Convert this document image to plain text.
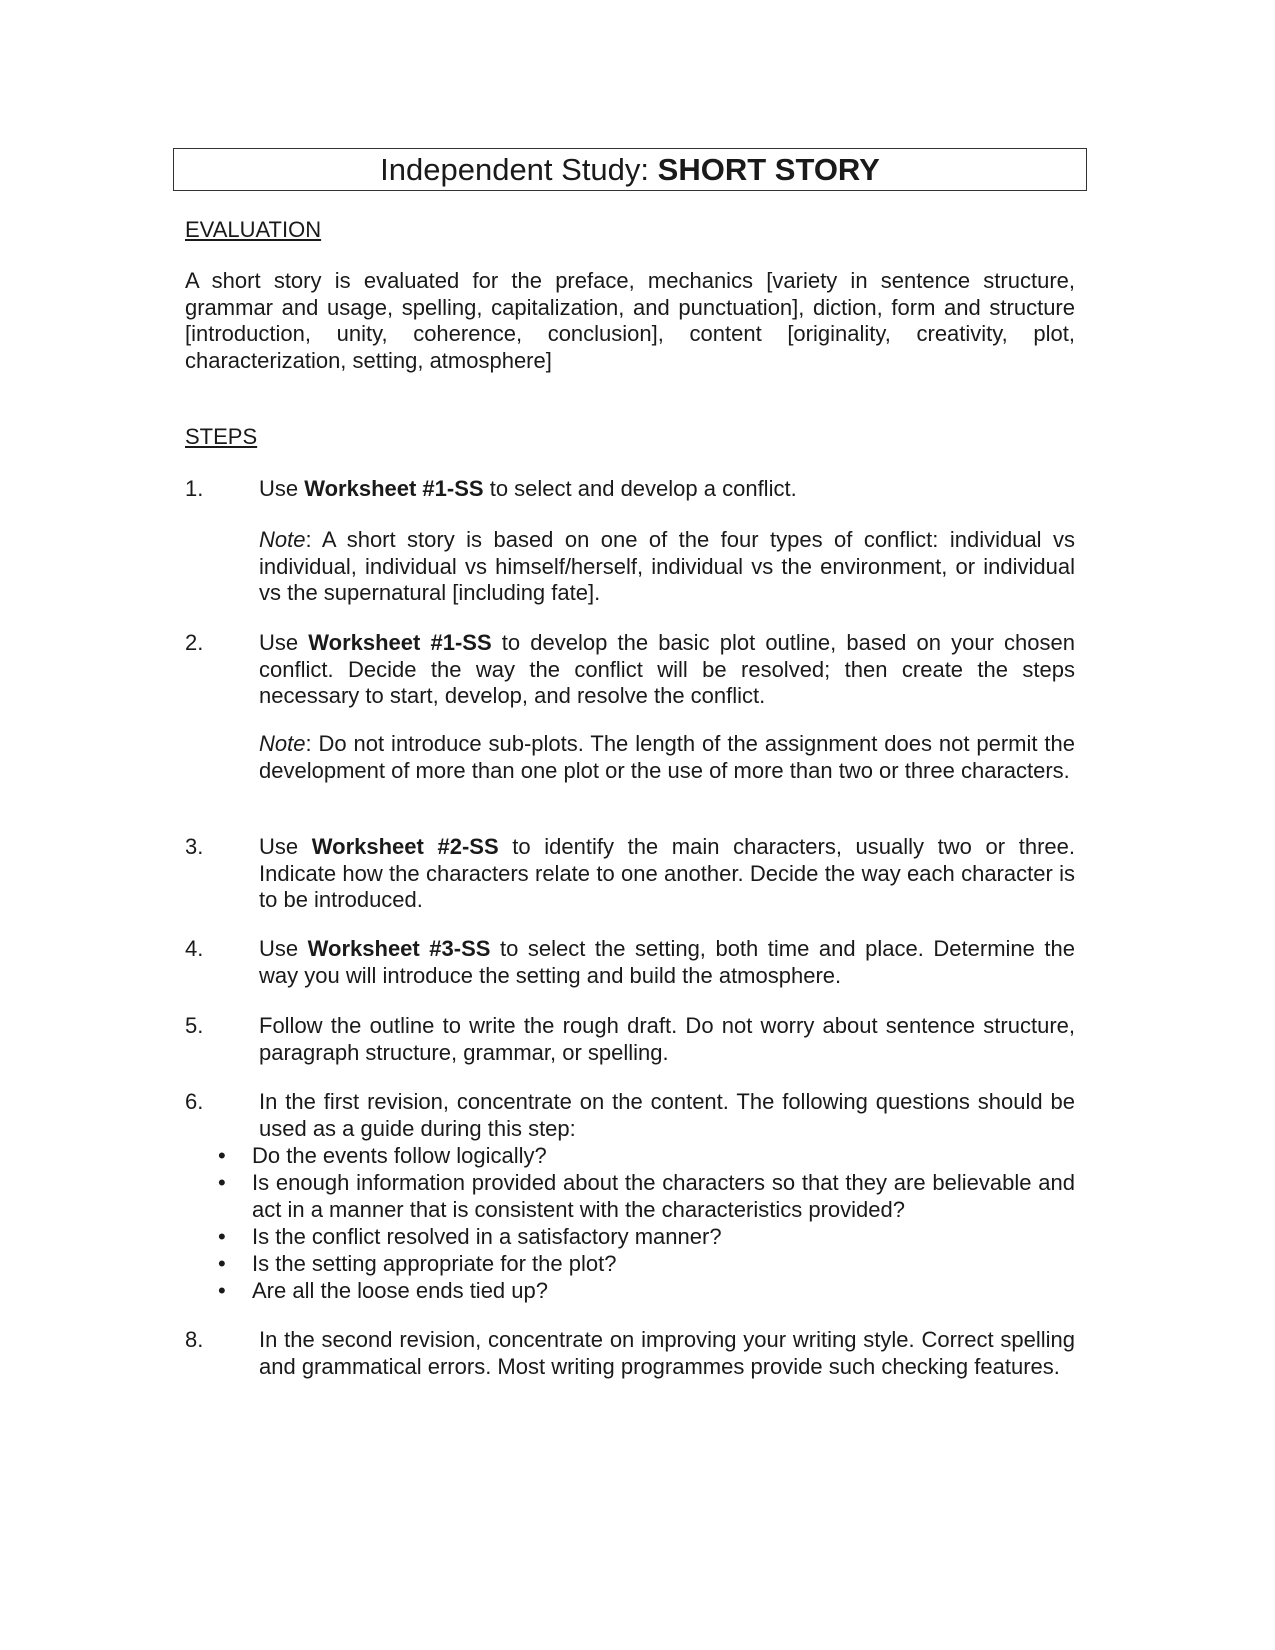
Independent Study: SHORT STORY
EVALUATION
A short story is evaluated for the preface, mechanics [variety in sentence structure, grammar and usage, spelling, capitalization, and punctuation], diction, form and structure [introduction, unity, coherence, conclusion], content [originality, creativity, plot, characterization, setting, atmosphere]
STEPS
1.	Use Worksheet #1-SS to select and develop a conflict.
Note: A short story is based on one of the four types of conflict: individual vs individual, individual vs himself/herself, individual vs the environment, or individual vs the supernatural [including fate].
2.	Use Worksheet #1-SS to develop the basic plot outline, based on your chosen conflict. Decide the way the conflict will be resolved; then create the steps necessary to start, develop, and resolve the conflict.
Note: Do not introduce sub-plots. The length of the assignment does not permit the development of more than one plot or the use of more than two or three characters.
3.	Use Worksheet #2-SS to identify the main characters, usually two or three. Indicate how the characters relate to one another. Decide the way each character is to be introduced.
4.	Use Worksheet #3-SS to select the setting, both time and place. Determine the way you will introduce the setting and build the atmosphere.
5.	Follow the outline to write the rough draft. Do not worry about sentence structure, paragraph structure, grammar, or spelling.
6.	In the first revision, concentrate on the content. The following questions should be used as a guide during this step:
• Do the events follow logically?
• Is enough information provided about the characters so that they are believable and act in a manner that is consistent with the characteristics provided?
• Is the conflict resolved in a satisfactory manner?
• Is the setting appropriate for the plot?
• Are all the loose ends tied up?
8.	In the second revision, concentrate on improving your writing style. Correct spelling and grammatical errors. Most writing programmes provide such checking features.
